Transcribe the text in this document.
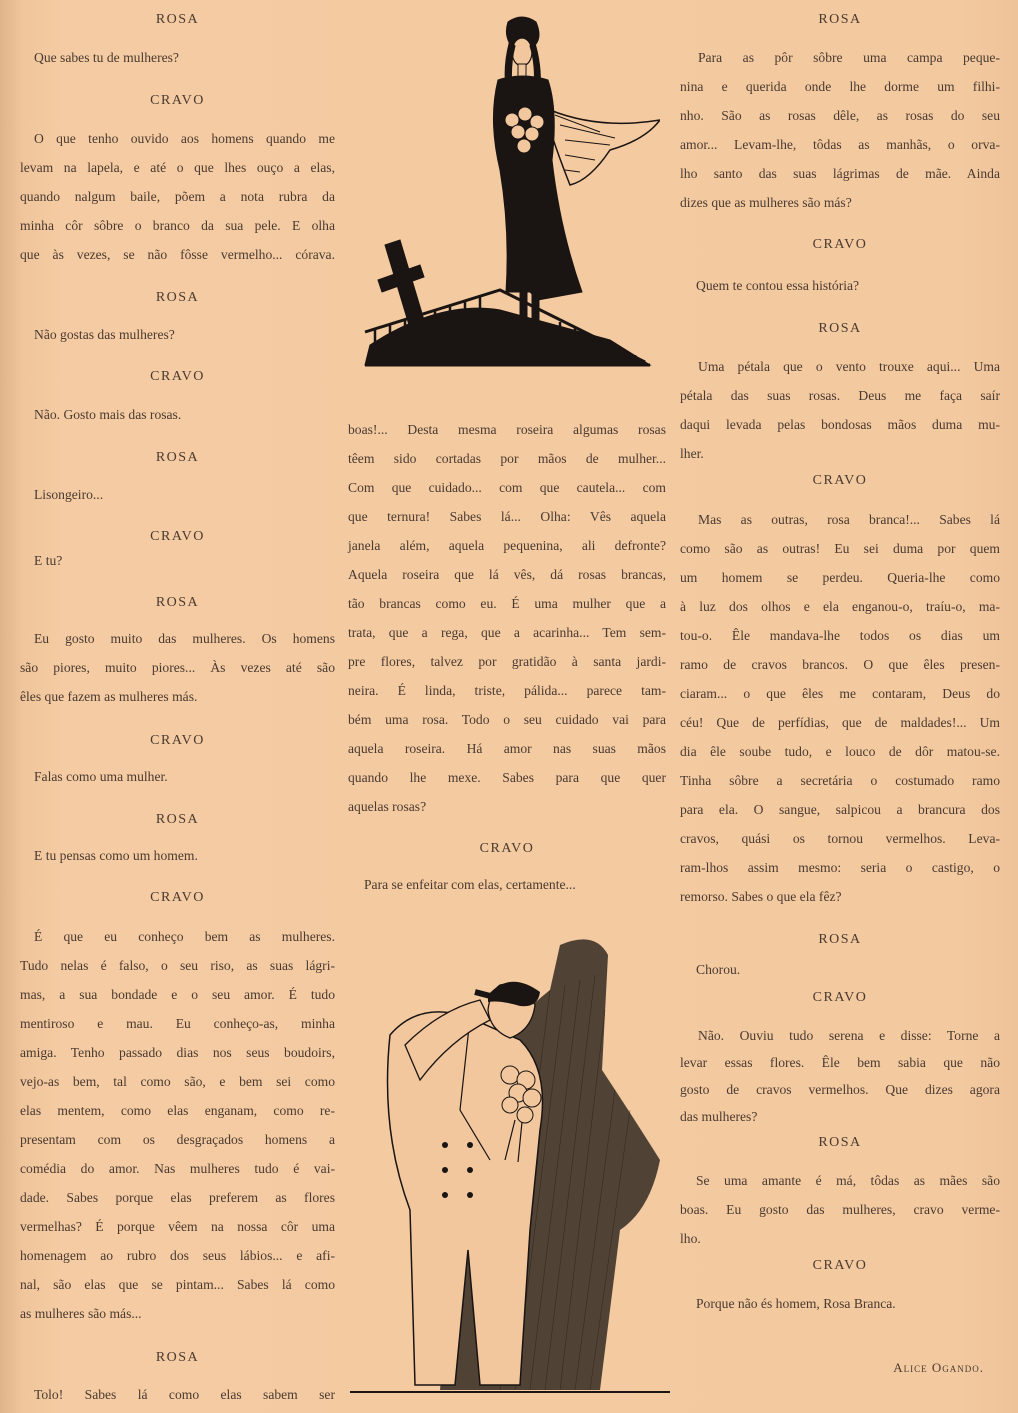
ROSA
Que sabes tu de mulheres?
CRAVO
O que tenho ouvido aos homens quando me
levam na lapela, e até o que lhes ouço a elas,
quando nalgum baile, põem a nota rubra da
minha côr sôbre o branco da sua pele. E olha
que às vezes, se não fôsse vermelho... córava.
ROSA
Não gostas das mulheres?
CRAVO
Não. Gosto mais das rosas.
ROSA
Lisongeiro...
CRAVO
E tu?
ROSA
Eu gosto muito das mulheres. Os homens
são piores, muito piores... Às vezes até são
êles que fazem as mulheres más.
CRAVO
Falas como uma mulher.
ROSA
E tu pensas como um homem.
CRAVO
É que eu conheço bem as mulheres.
Tudo nelas é falso, o seu riso, as suas lágri-
mas, a sua bondade e o seu amor. É tudo
mentiroso e mau. Eu conheço-as, minha
amiga. Tenho passado dias nos seus boudoirs,
vejo-as bem, tal como são, e bem sei como
elas mentem, como elas enganam, como re-
presentam com os desgraçados homens a
comédia do amor. Nas mulheres tudo é vai-
dade. Sabes porque elas preferem as flores
vermelhas? É porque vêem na nossa côr uma
homenagem ao rubro dos seus lábios... e afi-
nal, são elas que se pintam... Sabes lá como
as mulheres são más...
ROSA
Tolo! Sabes lá como elas sabem ser
boas!... Desta mesma roseira algumas rosas
têem sido cortadas por mãos de mulher...
Com que cuidado... com que cautela... com
que ternura! Sabes lá... Olha: Vês aquela
janela além, aquela pequenina, ali defronte?
Aquela roseira que lá vês, dá rosas brancas,
tão brancas como eu. É uma mulher que a
trata, que a rega, que a acarinha... Tem sem-
pre flores, talvez por gratidão à santa jardi-
neira. É linda, triste, pálida... parece tam-
bém uma rosa. Todo o seu cuidado vai para
aquela roseira. Há amor nas suas mãos
quando lhe mexe. Sabes para que quer
aquelas rosas?
CRAVO
Para se enfeitar com elas, certamente...
ROSA
Para as pôr sôbre uma campa peque-
nina e querida onde lhe dorme um filhi-
nho. São as rosas dêle, as rosas do seu
amor... Levam-lhe, tôdas as manhãs, o orva-
lho santo das suas lágrimas de mãe. Ainda
dizes que as mulheres são más?
CRAVO
Quem te contou essa história?
ROSA
Uma pétala que o vento trouxe aqui... Uma
pétala das suas rosas. Deus me faça saír
daqui levada pelas bondosas mãos duma mu-
lher.
CRAVO
Mas as outras, rosa branca!... Sabes lá
como são as outras! Eu sei duma por quem
um homem se perdeu. Queria-lhe como
à luz dos olhos e ela enganou-o, traíu-o, ma-
tou-o. Êle mandava-lhe todos os dias um
ramo de cravos brancos. O que êles presen-
ciaram... o que êles me contaram, Deus do
céu! Que de perfídias, que de maldades!... Um
dia êle soube tudo, e louco de dôr matou-se.
Tinha sôbre a secretária o costumado ramo
para ela. O sangue, salpicou a brancura dos
cravos, quási os tornou vermelhos. Leva-
ram-lhos assim mesmo: seria o castigo, o
remorso. Sabes o que ela fêz?
ROSA
Chorou.
CRAVO
Não. Ouviu tudo serena e disse: Torne a
levar essas flores. Êle bem sabia que não
gosto de cravos vermelhos. Que dizes agora
das mulheres?
ROSA
Se uma amante é má, tôdas as mães são
boas. Eu gosto das mulheres, cravo verme-
lho.
CRAVO
Porque não és homem, Rosa Branca.
Alice Ogando.
